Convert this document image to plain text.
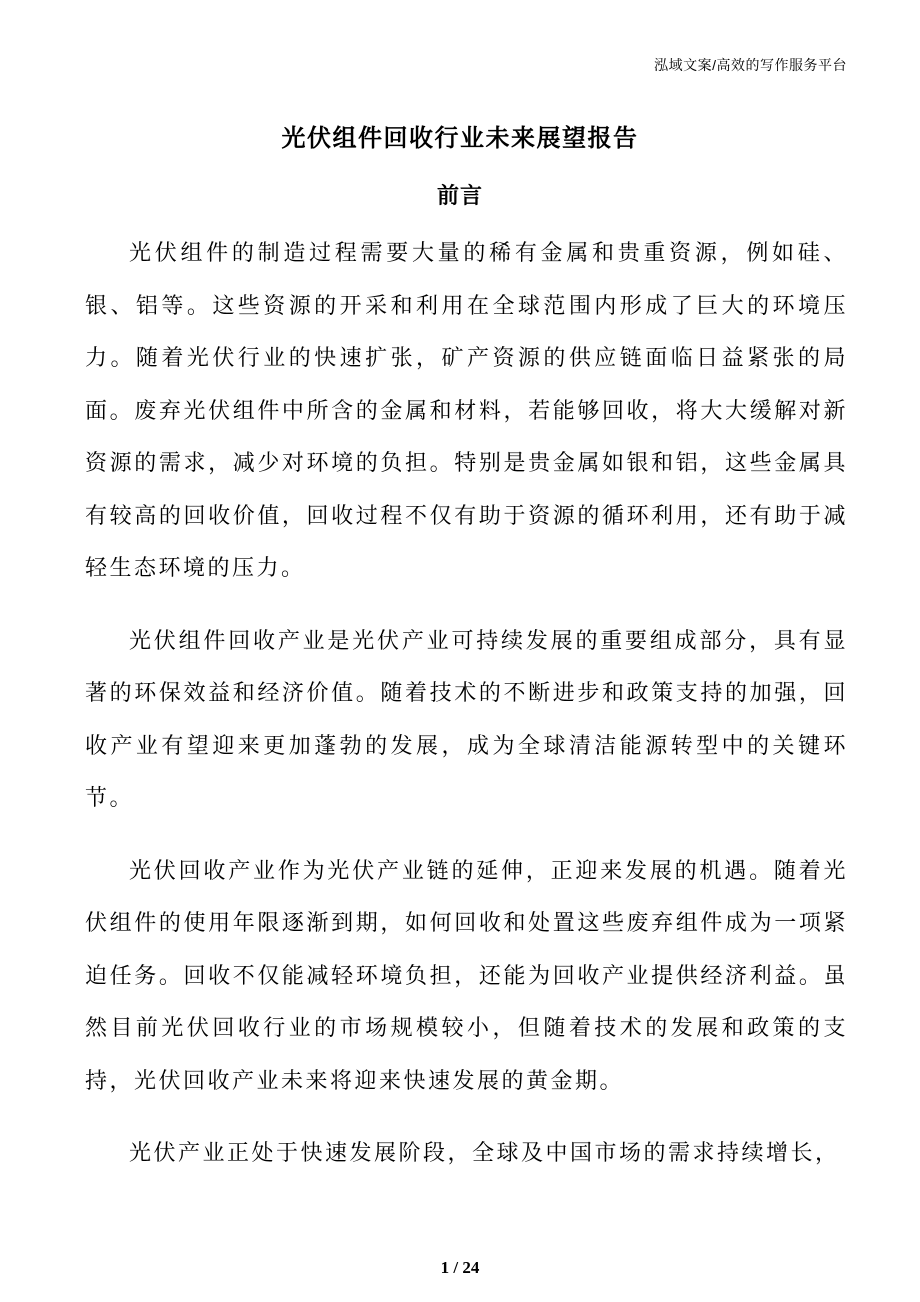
泓域文案/高效的写作服务平台
光伏组件回收行业未来展望报告
前言

光伏组件的制造过程需要大量的稀有金属和贵重资源，例如硅、银、铝等。这些资源的开采和利用在全球范围内形成了巨大的环境压力。随着光伏行业的快速扩张，矿产资源的供应链面临日益紧张的局面。废弃光伏组件中所含的金属和材料，若能够回收，将大大缓解对新资源的需求，减少对环境的负担。特别是贵金属如银和铝，这些金属具有较高的回收价值，回收过程不仅有助于资源的循环利用，还有助于减轻生态环境的压力。

光伏组件回收产业是光伏产业可持续发展的重要组成部分，具有显著的环保效益和经济价值。随着技术的不断进步和政策支持的加强，回收产业有望迎来更加蓬勃的发展，成为全球清洁能源转型中的关键环节。

光伏回收产业作为光伏产业链的延伸，正迎来发展的机遇。随着光伏组件的使用年限逐渐到期，如何回收和处置这些废弃组件成为一项紧迫任务。回收不仅能减轻环境负担，还能为回收产业提供经济利益。虽然目前光伏回收行业的市场规模较小，但随着技术的发展和政策的支持，光伏回收产业未来将迎来快速发展的黄金期。

光伏产业正处于快速发展阶段，全球及中国市场的需求持续增长，

1 / 24
